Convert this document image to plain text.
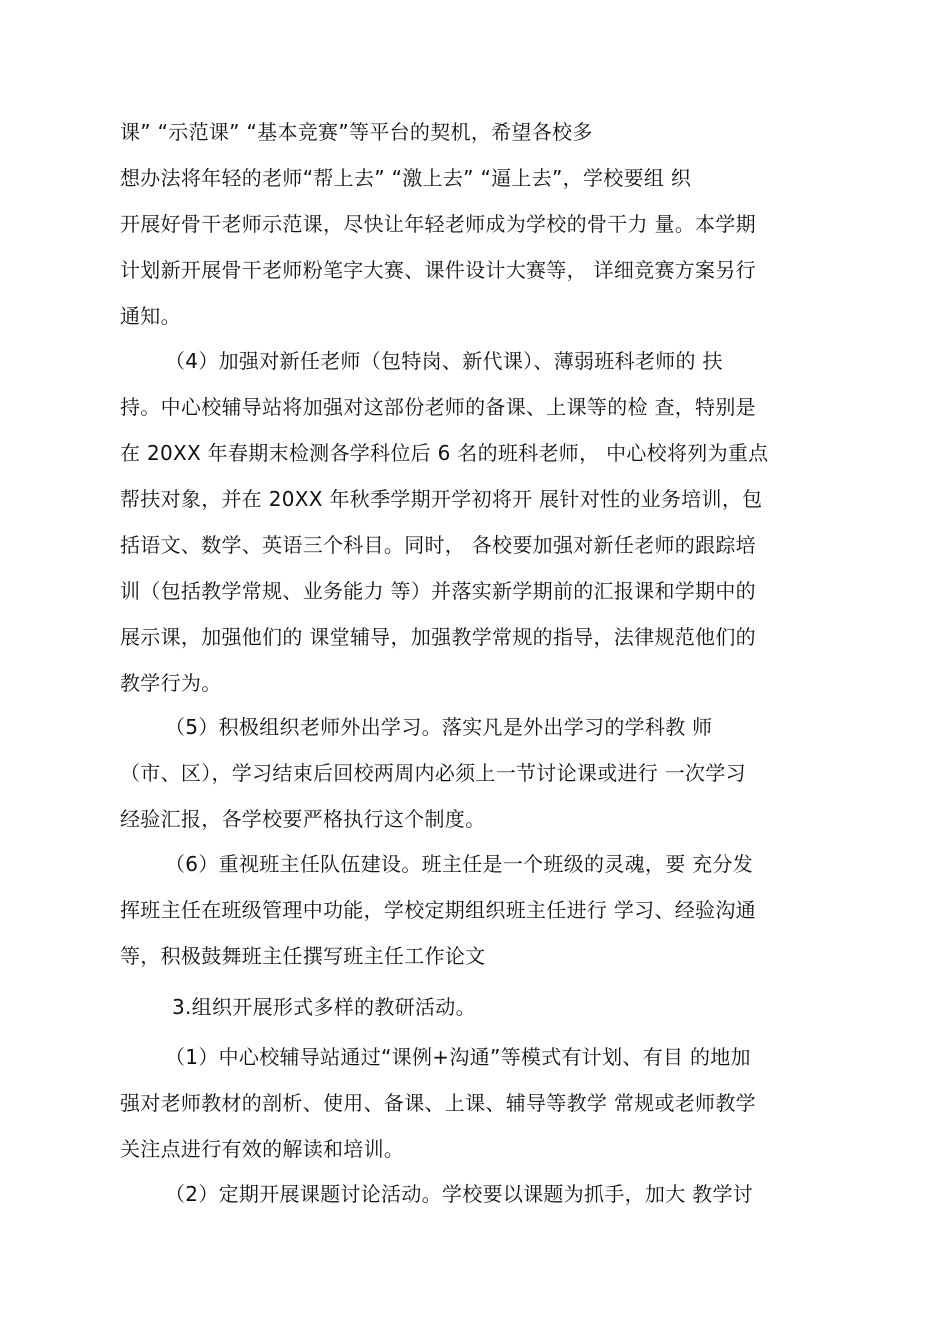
课” “示范课” “基本竞赛”等平台的契机，希望各校多
想办法将年轻的老师“帮上去” “激上去” “逼上去”，学校要组 织
开展好骨干老师示范课，尽快让年轻老师成为学校的骨干力 量。本学期
计划新开展骨干老师粉笔字大赛、课件设计大赛等， 详细竞赛方案另行
通知。
（4）加强对新任老师（包特岗、新代课）、薄弱班科老师的 扶
持。中心校辅导站将加强对这部份老师的备课、上课等的检 查，特别是
在 20XX 年春期末检测各学科位后 6 名的班科老师， 中心校将列为重点
帮扶对象，并在 20XX 年秋季学期开学初将开 展针对性的业务培训，包
括语文、数学、英语三个科目。同时， 各校要加强对新任老师的跟踪培
训（包括教学常规、业务能力 等）并落实新学期前的汇报课和学期中的
展示课，加强他们的 课堂辅导，加强教学常规的指导，法律规范他们的
教学行为。
（5）积极组织老师外出学习。落实凡是外出学习的学科教 师
（市、区），学习结束后回校两周内必须上一节讨论课或进行 一次学习
经验汇报，各学校要严格执行这个制度。
（6）重视班主任队伍建设。班主任是一个班级的灵魂，要 充分发
挥班主任在班级管理中功能，学校定期组织班主任进行 学习、经验沟通
等，积极鼓舞班主任撰写班主任工作论文
3.组织开展形式多样的教研活动。
（1）中心校辅导站通过“课例+沟通”等模式有计划、有目 的地加
强对老师教材的剖析、使用、备课、上课、辅导等教学 常规或老师教学
关注点进行有效的解读和培训。
（2）定期开展课题讨论活动。学校要以课题为抓手，加大 教学讨
